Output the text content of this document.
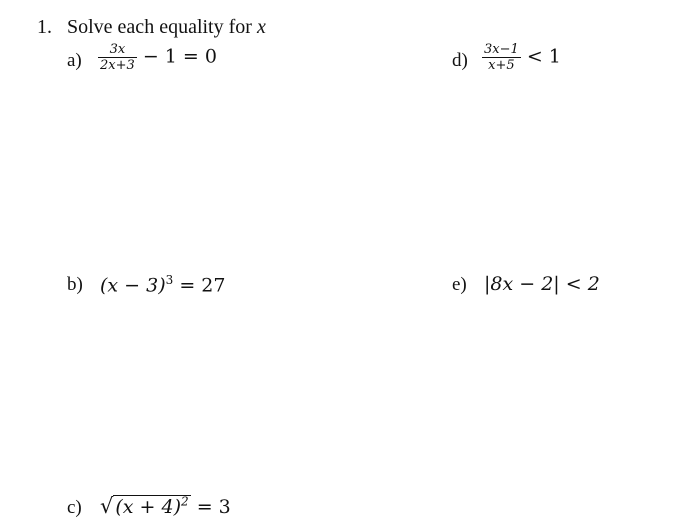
1. Solve each equality for x
$a) \frac{3x}{2x+3} - 1 = 0$	$d) \frac{3x-1}{x+5} < 1$
b) $(x - 3)^3 = 27$	e) |8x − 2| < 2
c) √ $(x + 4)^2 = 3$
